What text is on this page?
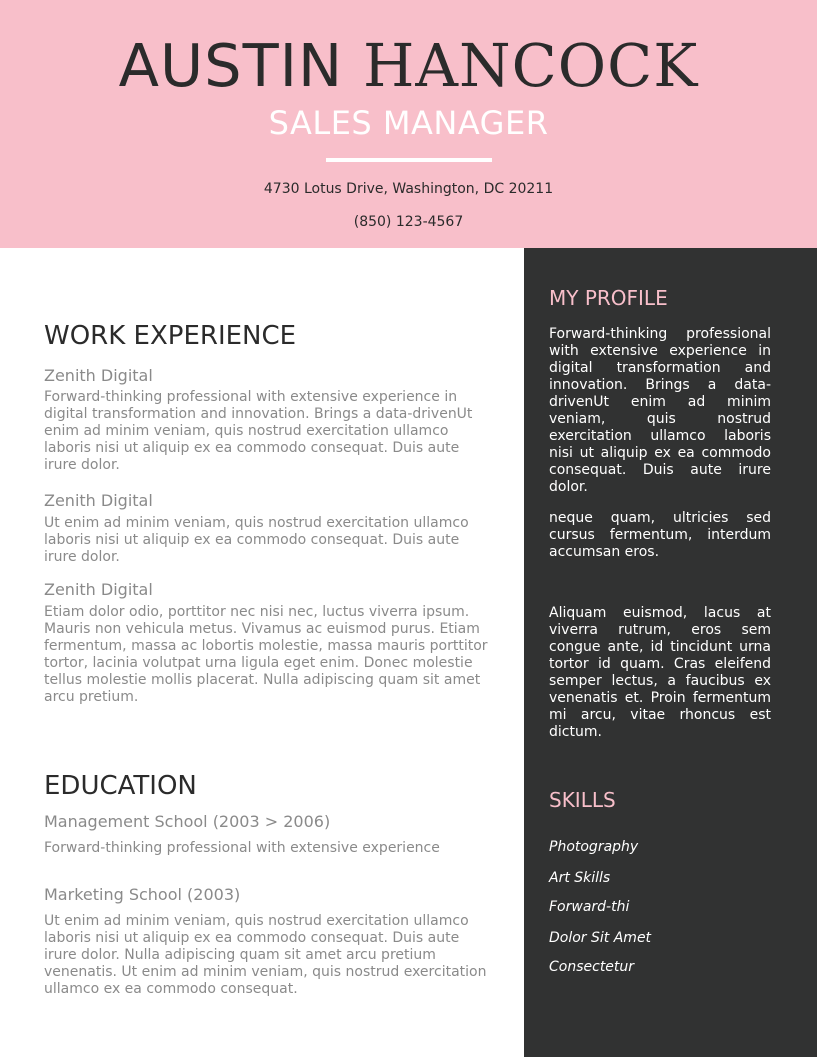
AUSTIN HANCOCK
SALES MANAGER
4730 Lotus Drive, Washington, DC 20211
(850) 123-4567
MY PROFILE

Forward-thinking professional with extensive experience in digital transformation and innovation. Brings a data-drivenUt enim ad minim veniam, quis nostrud exercitation ullamco laboris nisi ut aliquip ex ea commodo consequat. Duis aute irure dolor.

neque quam, ultricies sed cursus fermentum, interdum accumsan eros.

Aliquam euismod, lacus at viverra rutrum, eros sem congue ante, id tincidunt urna tortor id quam. Cras eleifend semper lectus, a faucibus ex venenatis et. Proin fermentum mi arcu, vitae rhoncus est dictum.

SKILLS
Photography
Art Skills
Forward-thi
Dolor Sit Amet
Consectetur
WORK EXPERIENCE
Zenith Digital

Forward-thinking professional with extensive experience in digital transformation and innovation. Brings a data-drivenUt enim ad minim veniam, quis nostrud exercitation ullamco laboris nisi ut aliquip ex ea commodo consequat. Duis aute irure dolor.

Zenith Digital

Ut enim ad minim veniam, quis nostrud exercitation ullamco laboris nisi ut aliquip ex ea commodo consequat. Duis aute irure dolor.

Zenith Digital

Etiam dolor odio, porttitor nec nisi nec, luctus viverra ipsum. Mauris non vehicula metus. Vivamus ac euismod purus. Etiam fermentum, massa ac lobortis molestie, massa mauris porttitor tortor, lacinia volutpat urna ligula eget enim. Donec molestie tellus molestie mollis placerat. Nulla adipiscing quam sit amet arcu pretium.

EDUCATION
Management School (2003 > 2006)

Forward-thinking professional with extensive experience

Marketing School (2003)

Ut enim ad minim veniam, quis nostrud exercitation ullamco laboris nisi ut aliquip ex ea commodo consequat. Duis aute irure dolor. Nulla adipiscing quam sit amet arcu pretium venenatis. Ut enim ad minim veniam, quis nostrud exercitation ullamco ex ea commodo consequat.
